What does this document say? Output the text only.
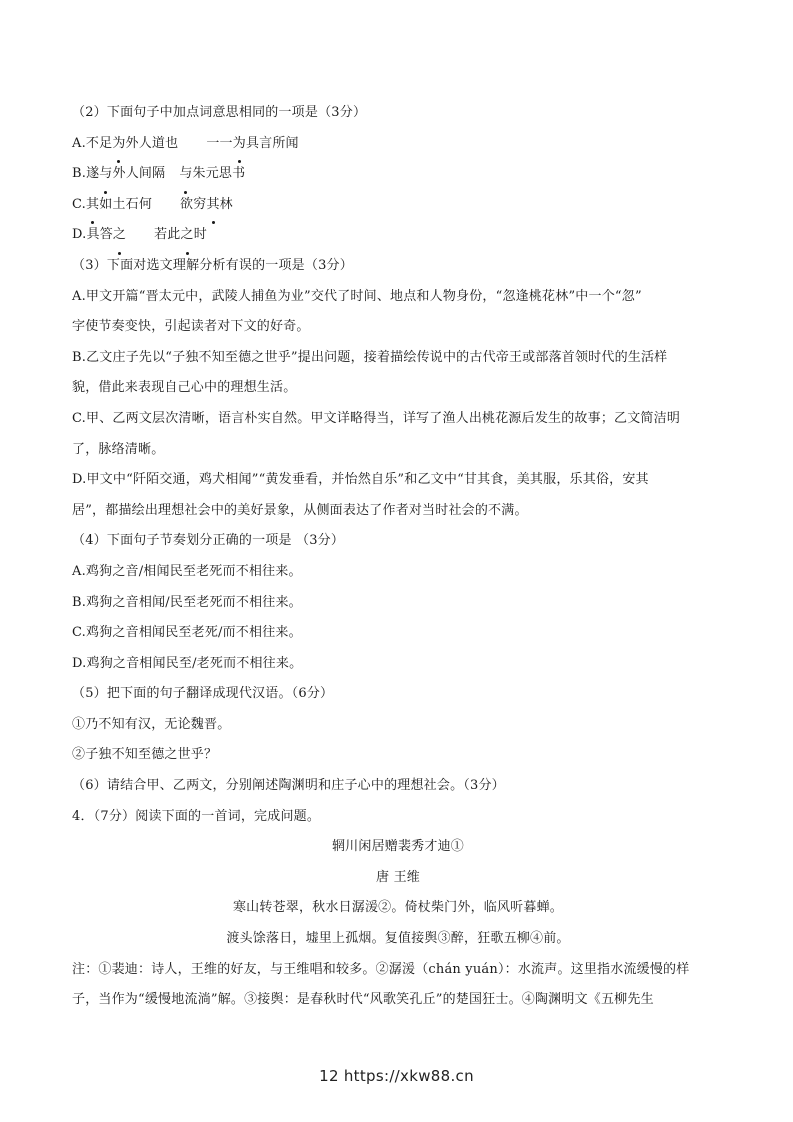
（2）下面句子中加点词意思相同的一项是（3分）
A.不足为外人道也 一一为具言所闻
B.遂与外人间隔 与朱元思书
C.其如土石何 欲穷其林
D.具答之 若此之时
（3）下面对选文理解分析有误的一项是（3分）
A.甲文开篇“晋太元中，武陵人捕鱼为业”交代了时间、地点和人物身份，“忽逢桃花林”中一个“忽”
字使节奏变快，引起读者对下文的好奇。
B.乙文庄子先以“子独不知至德之世乎”提出问题，接着描绘传说中的古代帝王或部落首领时代的生活样
貌，借此来表现自己心中的理想生活。
C.甲、乙两文层次清晰，语言朴实自然。甲文详略得当，详写了渔人出桃花源后发生的故事；乙文简洁明
了，脉络清晰。
D.甲文中“阡陌交通，鸡犬相闻”“黄发垂看，并怡然自乐”和乙文中“甘其食，美其服，乐其俗，安其
居”，都描绘出理想社会中的美好景象，从侧面表达了作者对当时社会的不满。
（4）下面句子节奏划分正确的一项是 （3分）
A.鸡狗之音/相闻民至老死而不相往来。
B.鸡狗之音相闻/民至老死而不相往来。
C.鸡狗之音相闻民至老死/而不相往来。
D.鸡狗之音相闻民至/老死而不相往来。
（5）把下面的句子翻译成现代汉语。（6分）
①乃不知有汉，无论魏晋。
②子独不知至德之世乎？
（6）请结合甲、乙两文，分别阐述陶渊明和庄子心中的理想社会。（3分）
4．（7分）阅读下面的一首词，完成问题。
辋川闲居赠裴秀才迪①
唐 王维
寒山转苍翠，秋水日潺湲②。倚杖柴门外，临风听暮蝉。
渡头馀落日，墟里上孤烟。复值接舆③醉，狂歌五柳④前。
注：①裴迪：诗人，王维的好友，与王维唱和较多。②潺湲（chán yuán）：水流声。这里指水流缓慢的样
子，当作为“缓慢地流淌”解。③接舆：是春秋时代“风歌笑孔丘”的楚国狂士。④陶渊明文《五柳先生
12 https://xkw88.cn
